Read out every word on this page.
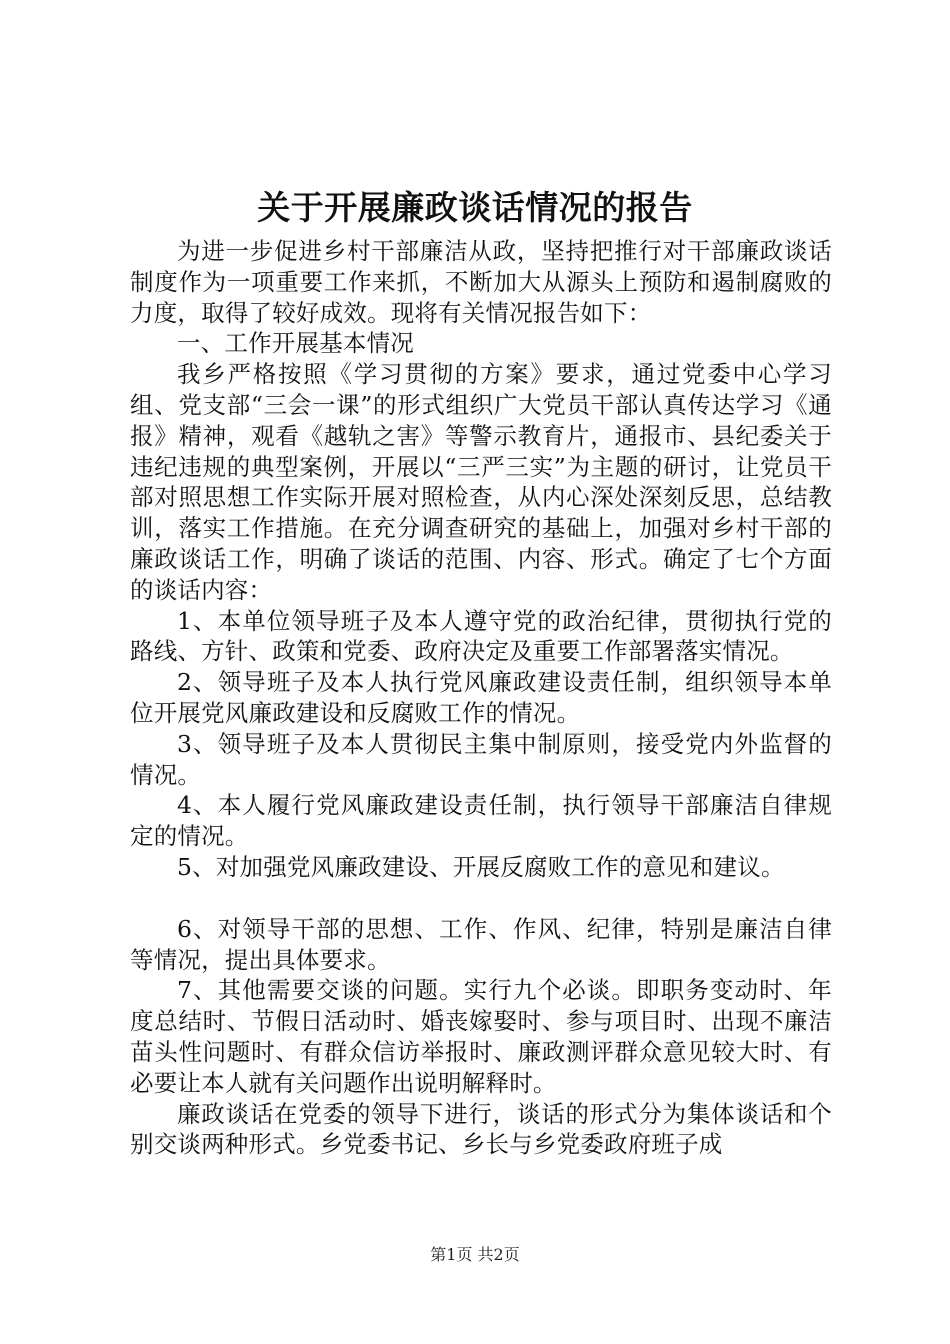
关于开展廉政谈话情况的报告

为进一步促进乡村干部廉洁从政，坚持把推行对干部廉政谈话制度作为一项重要工作来抓，不断加大从源头上预防和遏制腐败的力度，取得了较好成效。现将有关情况报告如下：

一、工作开展基本情况

我乡严格按照《学习贯彻的方案》要求，通过党委中心学习组、党支部“三会一课”的形式组织广大党员干部认真传达学习《通报》精神，观看《越轨之害》等警示教育片，通报市、县纪委关于违纪违规的典型案例，开展以“三严三实”为主题的研讨，让党员干部对照思想工作实际开展对照检查，从内心深处深刻反思，总结教训，落实工作措施。在充分调查研究的基础上，加强对乡村干部的廉政谈话工作，明确了谈话的范围、内容、形式。确定了七个方面的谈话内容：

1、本单位领导班子及本人遵守党的政治纪律，贯彻执行党的路线、方针、政策和党委、政府决定及重要工作部署落实情况。

2、领导班子及本人执行党风廉政建设责任制，组织领导本单位开展党风廉政建设和反腐败工作的情况。

3、领导班子及本人贯彻民主集中制原则，接受党内外监督的情况。

4、本人履行党风廉政建设责任制，执行领导干部廉洁自律规定的情况。

5、对加强党风廉政建设、开展反腐败工作的意见和建议。

6、对领导干部的思想、工作、作风、纪律，特别是廉洁自律等情况，提出具体要求。

7、其他需要交谈的问题。实行九个必谈。即职务变动时、年度总结时、节假日活动时、婚丧嫁娶时、参与项目时、出现不廉洁苗头性问题时、有群众信访举报时、廉政测评群众意见较大时、有必要让本人就有关问题作出说明解释时。

廉政谈话在党委的领导下进行，谈话的形式分为集体谈话和个别交谈两种形式。乡党委书记、乡长与乡党委政府班子成

第1页 共2页
